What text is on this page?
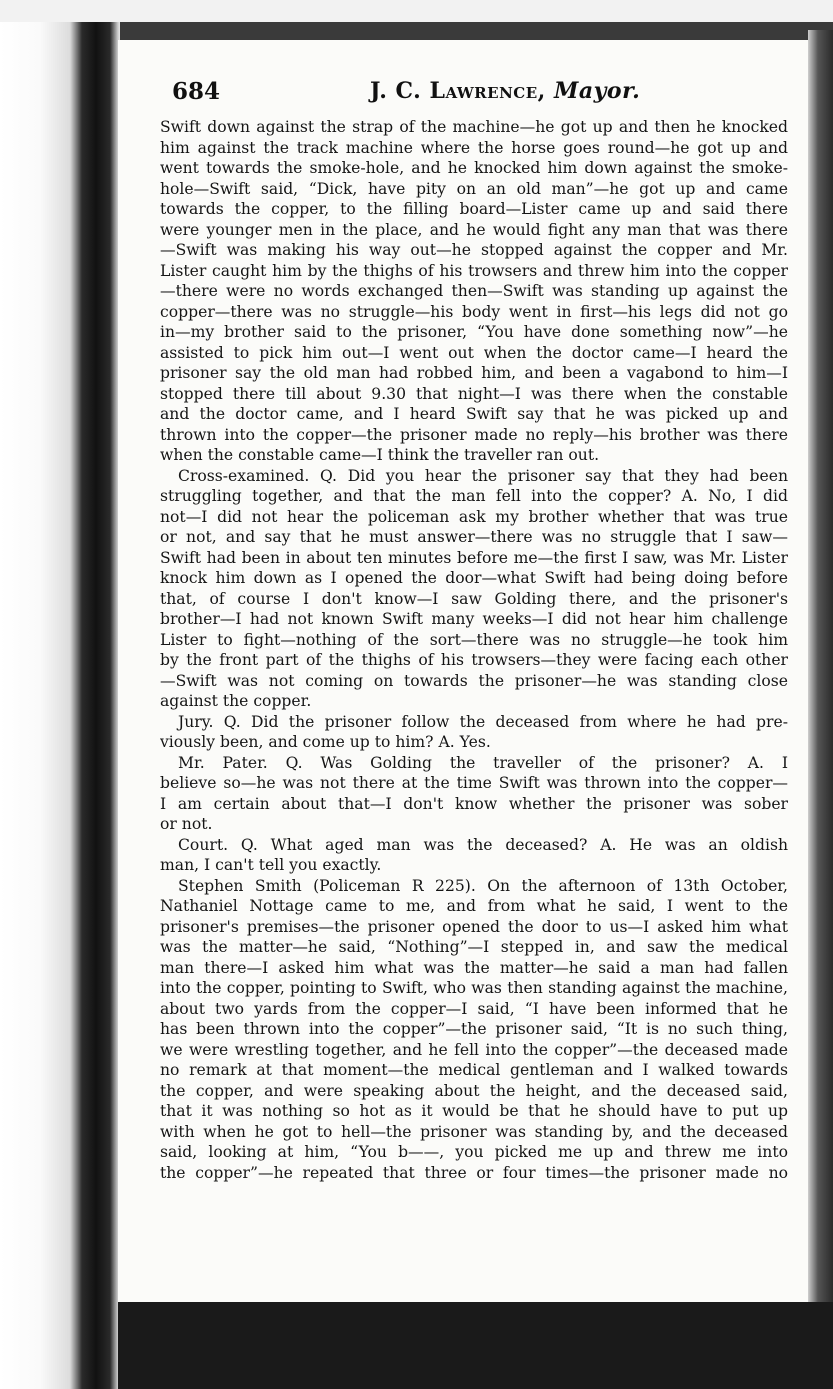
684	J. C. Lawrence, Mayor.
Swift down against the strap of the machine—he got up and then he knocked
him against the track machine where the horse goes round—he got up and
went towards the smoke-hole, and he knocked him down against the smoke-
hole—Swift said, “Dick, have pity on an old man”—he got up and came
towards the copper, to the filling board—Lister came up and said there
were younger men in the place, and he would fight any man that was there
—Swift was making his way out—he stopped against the copper and Mr.
Lister caught him by the thighs of his trowsers and threw him into the copper
—there were no words exchanged then—Swift was standing up against the
copper—there was no struggle—his body went in first—his legs did not go
in—my brother said to the prisoner, “You have done something now”—he
assisted to pick him out—I went out when the doctor came—I heard the
prisoner say the old man had robbed him, and been a vagabond to him—I
stopped there till about 9.30 that night—I was there when the constable
and the doctor came, and I heard Swift say that he was picked up and
thrown into the copper—the prisoner made no reply—his brother was there
when the constable came—I think the traveller ran out.
Cross-examined. Q. Did you hear the prisoner say that they had been
struggling together, and that the man fell into the copper? A. No, I did
not—I did not hear the policeman ask my brother whether that was true
or not, and say that he must answer—there was no struggle that I saw—
Swift had been in about ten minutes before me—the first I saw, was Mr. Lister
knock him down as I opened the door—what Swift had being doing before
that, of course I don't know—I saw Golding there, and the prisoner's
brother—I had not known Swift many weeks—I did not hear him challenge
Lister to fight—nothing of the sort—there was no struggle—he took him
by the front part of the thighs of his trowsers—they were facing each other
—Swift was not coming on towards the prisoner—he was standing close
against the copper.
Jury. Q. Did the prisoner follow the deceased from where he had pre-
viously been, and come up to him? A. Yes.
Mr. Pater. Q. Was Golding the traveller of the prisoner? A. I
believe so—he was not there at the time Swift was thrown into the copper—
I am certain about that—I don't know whether the prisoner was sober
or not.
Court. Q. What aged man was the deceased? A. He was an oldish
man, I can't tell you exactly.
Stephen Smith (Policeman R 225). On the afternoon of 13th October,
Nathaniel Nottage came to me, and from what he said, I went to the
prisoner's premises—the prisoner opened the door to us—I asked him what
was the matter—he said, “Nothing”—I stepped in, and saw the medical
man there—I asked him what was the matter—he said a man had fallen
into the copper, pointing to Swift, who was then standing against the machine,
about two yards from the copper—I said, “I have been informed that he
has been thrown into the copper”—the prisoner said, “It is no such thing,
we were wrestling together, and he fell into the copper”—the deceased made
no remark at that moment—the medical gentleman and I walked towards
the copper, and were speaking about the height, and the deceased said,
that it was nothing so hot as it would be that he should have to put up
with when he got to hell—the prisoner was standing by, and the deceased
said, looking at him, “You b——, you picked me up and threw me into
the copper”—he repeated that three or four times—the prisoner made no
